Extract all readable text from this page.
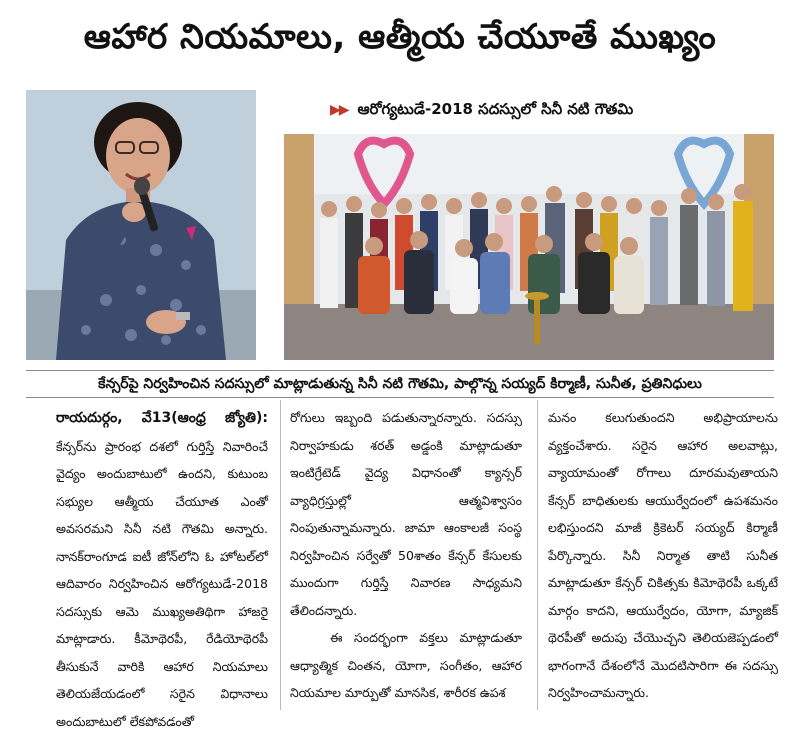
ఆహార నియమాలు, ఆత్మీయ చేయూతే ముఖ్యం
▶▶ ఆరోగ్యటుడే-2018 సదస్సులో సినీ నటి గౌతమి
కేన్సర్‌పై నిర్వహించిన సదస్సులో మాట్లాడుతున్న సినీ నటి గౌతమి, పాల్గొన్న సయ్యద్ కిర్మాణీ, సునీత, ప్రతినిధులు

రాయదుర్గం, వే13(ఆంధ్ర జ్యోతి): కేన్సర్‌ను ప్రారంభ దశలో గుర్తిస్తే నివారించే వైద్యం అందుబాటులో ఉందని, కుటుంబ సభ్యుల ఆత్మీయ చేయూత ఎంతో అవసరమని సినీ నటి గౌతమి అన్నారు. నానక్‌రాంగూడ ఐటీ జోన్‌లోని ఓ హోటల్‌లో ఆదివారం నిర్వహించిన ఆరోగ్యటుడే-2018 సదస్సుకు ఆమె ముఖ్యఅతిథిగా హాజరై మాట్లాడారు. కీమోథెరపీ, రేడియోథెరపీ తీసుకునే వారికి ఆహార నియమాలు తెలియజేయడంలో సరైన విధానాలు అందుబాటులో లేకపోవడంతో

రోగులు ఇబ్బంది పడుతున్నారన్నారు. సదస్సు నిర్వాహకుడు శరత్ అడ్డంకి మాట్లాడుతూ ఇంటిగ్రేటెడ్ వైద్య విధానంతో క్యాన్సర్ వ్యాధిగ్రస్తుల్లో ఆత్మవిశ్వాసం నింపుతున్నామన్నారు. జామా ఆంకాలజీ సంస్థ నిర్వహించిన సర్వేతో 50శాతం కేన్సర్ కేసులకు ముందుగా గుర్తిస్తే నివారణ సాధ్యమని తేలిందన్నారు.

ఈ సందర్భంగా వక్తలు మాట్లాడుతూ ఆధ్యాత్మిక చింతన, యోగా, సంగీతం, ఆహార నియమాల మార్పుతో మానసిక, శారీరక ఉపశ

మనం కలుగుతుందని అభిప్రాయాలను వ్యక్తంచేశారు. సరైన ఆహార అలవాట్లు, వ్యాయామంతో రోగాలు దూరమవుతాయని కేన్సర్ బాధితులకు ఆయుర్వేదంలో ఉపశమనం లభిస్తుందని మాజీ క్రికెటర్ సయ్యద్ కిర్మాణీ పేర్కొన్నారు. సినీ నిర్మాత తాటి సునీత మాట్లాడుతూ కేన్సర్ చికిత్సకు కిమోథెరపీ ఒక్కటే మార్గం కాదని, ఆయుర్వేదం, యోగా, మ్యాజిక్ థెరపీతో అదుపు చేయొచ్చని తెలియజెప్పడంలో భాగంగానే దేశంలోనే మొదటిసారిగా ఈ సదస్సు నిర్వహించామన్నారు.
